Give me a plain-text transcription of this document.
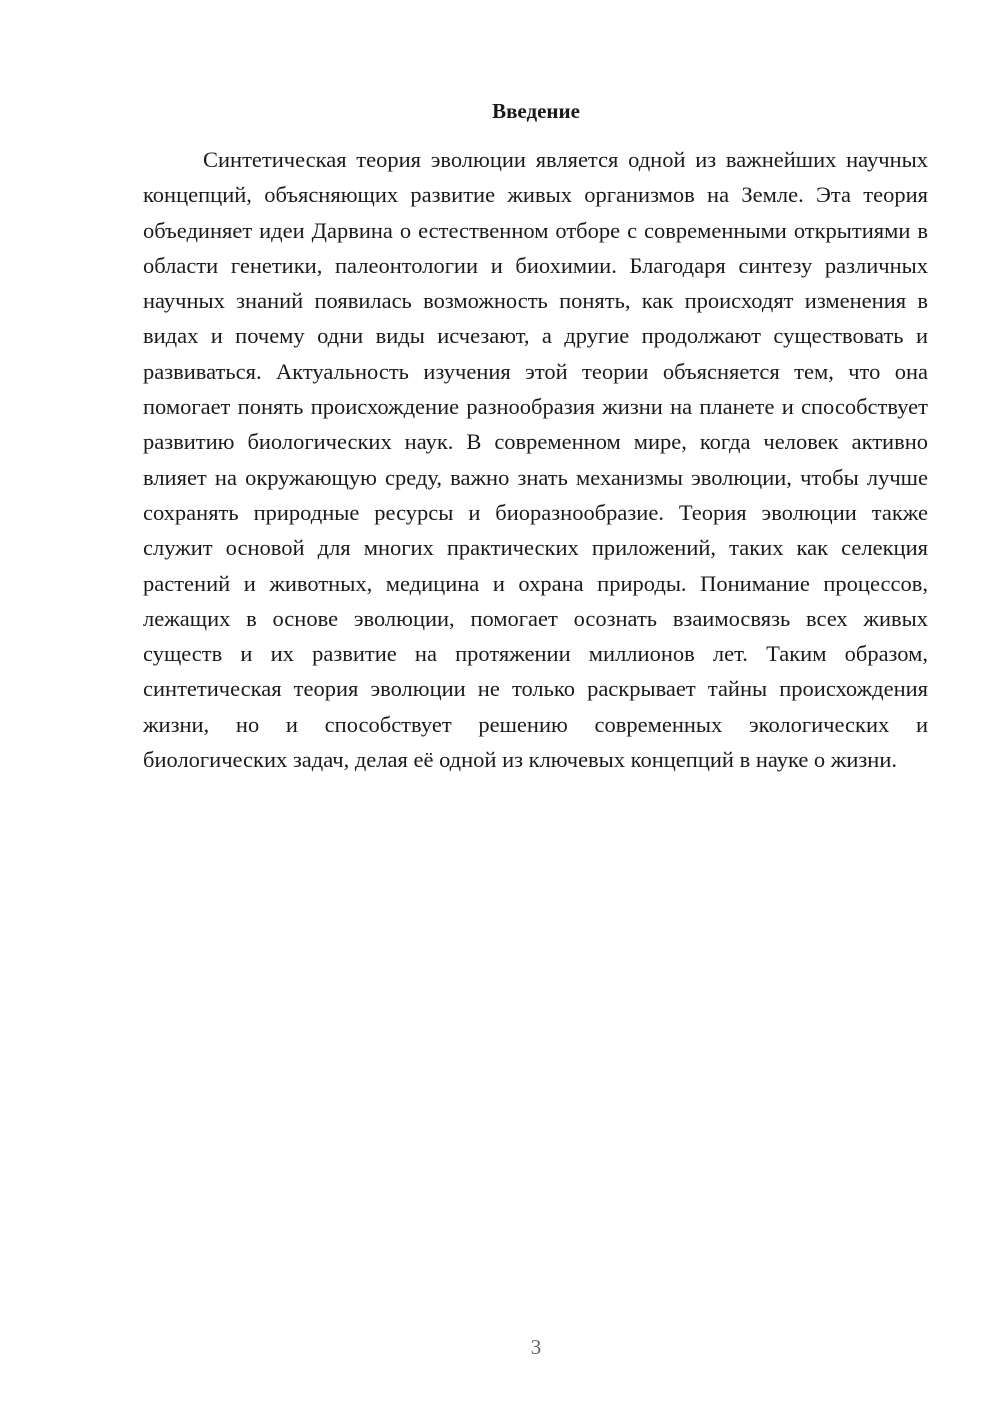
Введение

Синтетическая теория эволюции является одной из важнейших научных концепций, объясняющих развитие живых организмов на Земле. Эта теория объединяет идеи Дарвина о естественном отборе с современными открытиями в области генетики, палеонтологии и биохимии. Благодаря синтезу различных научных знаний появилась возможность понять, как происходят изменения в видах и почему одни виды исчезают, а другие продолжают существовать и развиваться. Актуальность изучения этой теории объясняется тем, что она помогает понять происхождение разнообразия жизни на планете и способствует развитию биологических наук. В современном мире, когда человек активно влияет на окружающую среду, важно знать механизмы эволюции, чтобы лучше сохранять природные ресурсы и биоразнообразие. Теория эволюции также служит основой для многих практических приложений, таких как селекция растений и животных, медицина и охрана природы. Понимание процессов, лежащих в основе эволюции, помогает осознать взаимосвязь всех живых существ и их развитие на протяжении миллионов лет. Таким образом, синтетическая теория эволюции не только раскрывает тайны происхождения жизни, но и способствует решению современных экологических и биологических задач, делая её одной из ключевых концепций в науке о жизни.

3
